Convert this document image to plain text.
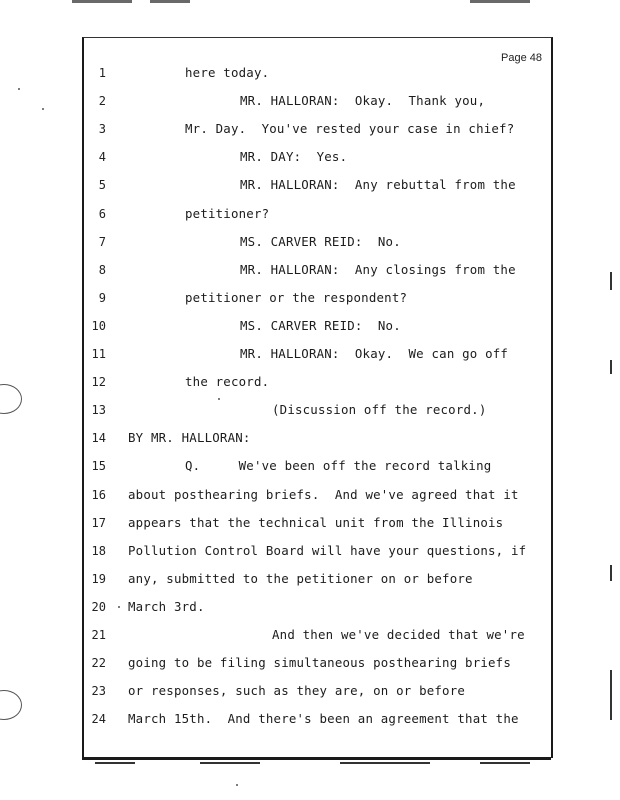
Page 48
1	here today.
2	MR. HALLORAN:  Okay.  Thank you,
3	Mr. Day.  You've rested your case in chief?
4	MR. DAY:  Yes.
5	MR. HALLORAN:  Any rebuttal from the
6	petitioner?
7	MS. CARVER REID:  No.
8	MR. HALLORAN:  Any closings from the
9	petitioner or the respondent?
10	MS. CARVER REID:  No.
11	MR. HALLORAN:  Okay.  We can go off
12	the record.
13	(Discussion off the record.)
14 BY MR. HALLORAN:
15	Q.     We've been off the record talking
16 about posthearing briefs.  And we've agreed that it
17 appears that the technical unit from the Illinois
18 Pollution Control Board will have your questions, if
19 any, submitted to the petitioner on or before
20 March 3rd.
21	And then we've decided that we're
22 going to be filing simultaneous posthearing briefs
23 or responses, such as they are, on or before
24 March 15th.  And there's been an agreement that the
